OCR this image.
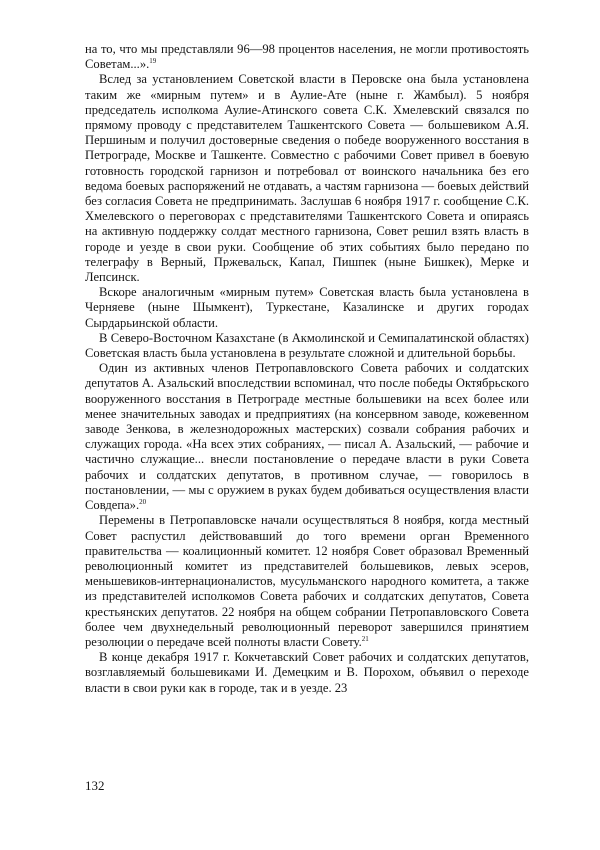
на то, что мы представляли 96—98 процентов населения, не могли противостоять Советам...».$^{19}$

Вслед за установлением Советской власти в Перовске она была установлена таким же «мирным путем» и в Аулие-Ате (ныне г. Жамбыл). 5 ноября председатель исполкома Аулие-Атинского совета С.К. Хмелевский связался по прямому проводу с представителем Ташкентского Совета — большевиком А.Я. Першиным и получил достоверные сведения о победе вооруженного восстания в Петрограде, Москве и Ташкенте. Совместно с рабочими Совет привел в боевую готовность городской гарнизон и потребовал от воинского начальника без его ведома боевых распоряжений не отдавать, а частям гарнизона — боевых действий без согласия Совета не предпринимать. Заслушав 6 ноября 1917 г. сообщение С.К. Хмелевского о переговорах с представителями Ташкентского Совета и опираясь на активную поддержку солдат местного гарнизона, Совет решил взять власть в городе и уезде в свои руки. Сообщение об этих событиях было передано по телеграфу в Верный, Пржевальск, Капал, Пишпек (ныне Бишкек), Мерке и Лепсинск.

Вскоре аналогичным «мирным путем» Советская власть была установлена в Черняеве (ныне Шымкент), Туркестане, Казалинске и других городах Сырдарьинской области.

В Северо-Восточном Казахстане (в Акмолинской и Семипалатинской областях) Советская власть была установлена в результате сложной и длительной борьбы.

Один из активных членов Петропавловского Совета рабочих и солдатских депутатов А. Азальский впоследствии вспоминал, что после победы Октябрьского вооруженного восстания в Петрограде местные большевики на всех более или менее значительных заводах и предприятиях (на консервном заводе, кожевенном заводе Зенкова, в железнодорожных мастерских) созвали собрания рабочих и служащих города. «На всех этих собраниях, — писал А. Азальский, — рабочие и частично служащие... внесли постановление о передаче власти в руки Совета рабочих и солдатских депутатов, в противном случае, — говорилось в постановлении, — мы с оружием в руках будем добиваться осуществления власти Совдепа».$^{20}$

Перемены в Петропавловске начали осуществляться 8 ноября, когда местный Совет распустил действовавший до того времени орган Временного правительства — коалиционный комитет. 12 ноября Совет образовал Временный революционный комитет из представителей большевиков, левых эсеров, меньшевиков-интернационалистов, мусульманского народного комитета, а также из представителей исполкомов Совета рабочих и солдатских депутатов, Совета крестьянских депутатов. 22 ноября на общем собрании Петропавловского Совета более чем двухнедельный революционный переворот завершился принятием резолюции о передаче всей полноты власти Совету.$^{21}$

В конце декабря 1917 г. Кокчетавский Совет рабочих и солдатских депутатов, возглавляемый большевиками И. Демецким и В. Порохом, объявил о переходе власти в свои руки как в городе, так и в уезде. 23

132
